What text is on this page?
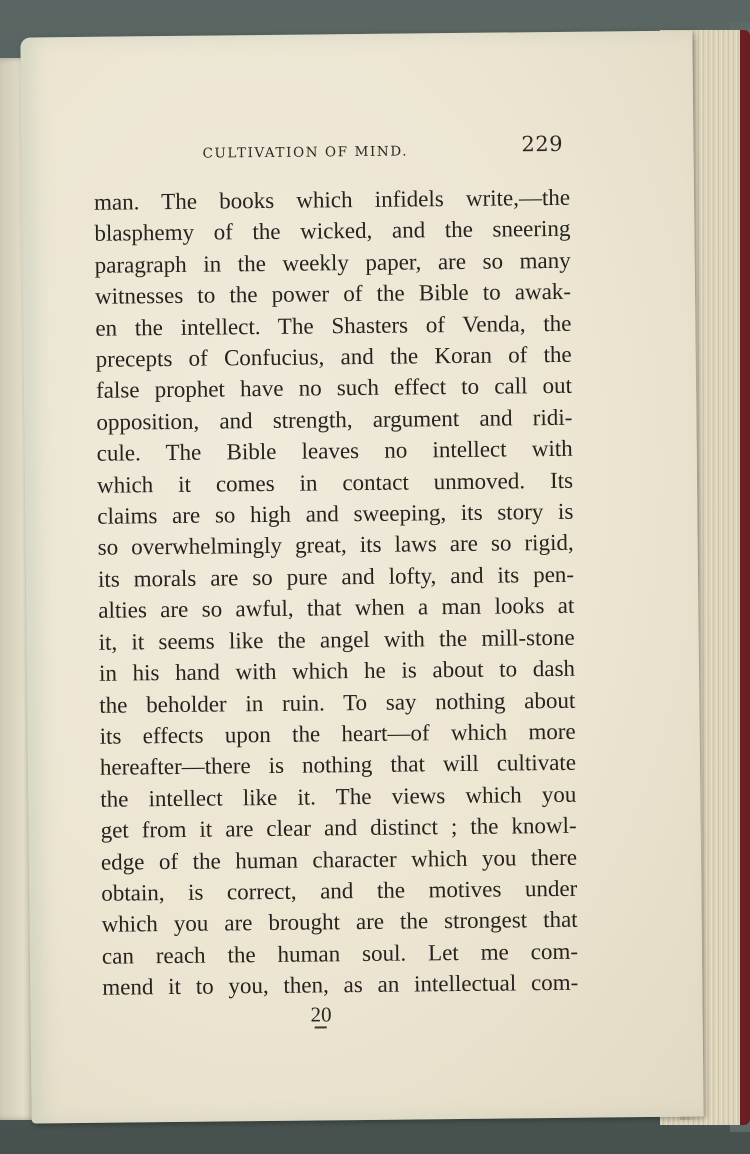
CULTIVATION OF MIND.	229
man. The books which infidels write,—the
blasphemy of the wicked, and the sneering
paragraph in the weekly paper, are so many
witnesses to the power of the Bible to awak-
en the intellect. The Shasters of Venda, the
precepts of Confucius, and the Koran of the
false prophet have no such effect to call out
opposition, and strength, argument and ridi-
cule. The Bible leaves no intellect with
which it comes in contact unmoved. Its
claims are so high and sweeping, its story is
so overwhelmingly great, its laws are so rigid,
its morals are so pure and lofty, and its pen-
alties are so awful, that when a man looks at
it, it seems like the angel with the mill-stone
in his hand with which he is about to dash
the beholder in ruin. To say nothing about
its effects upon the heart—of which more
hereafter—there is nothing that will cultivate
the intellect like it. The views which you
get from it are clear and distinct ; the knowl-
edge of the human character which you there
obtain, is correct, and the motives under
which you are brought are the strongest that
can reach the human soul. Let me com-
mend it to you, then, as an intellectual com-
20
